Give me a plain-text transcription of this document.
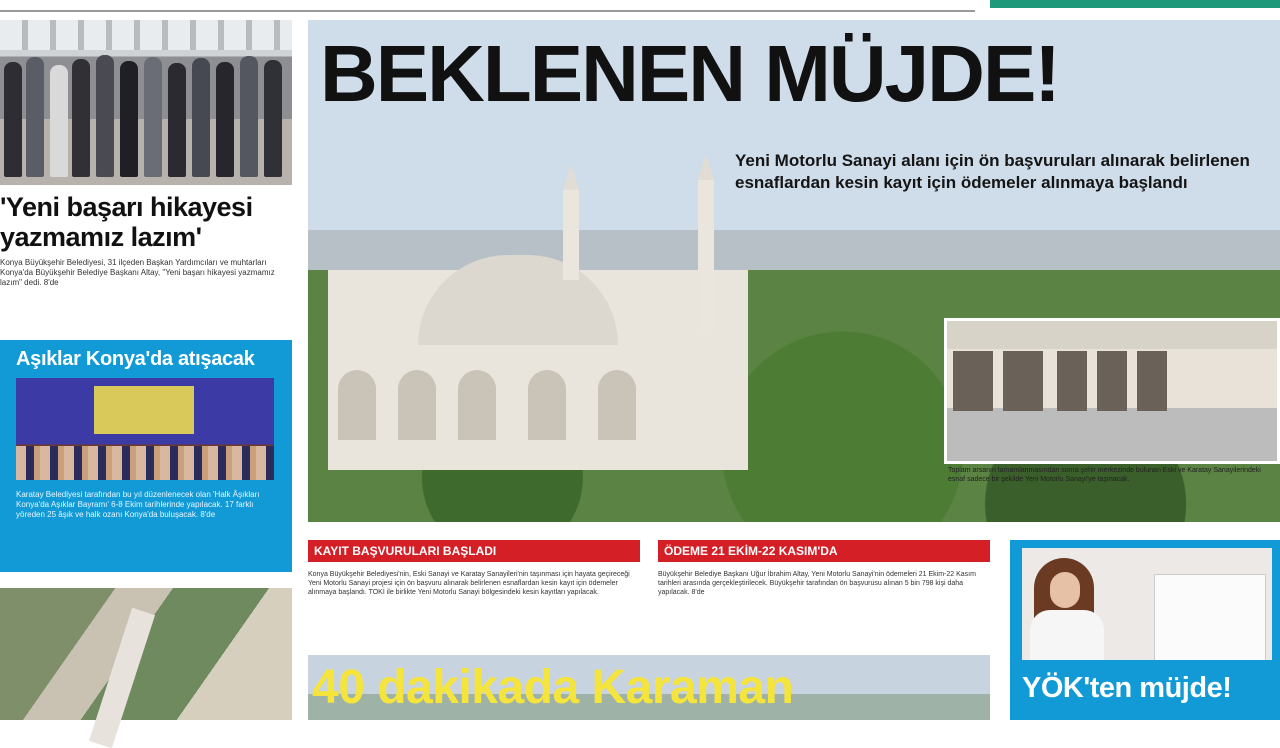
'Yeni başarı hikayesi yazmamız lazım'
Konya Büyükşehir Belediyesi, 31 ilçeden Başkan Yardımcıları ve muhtarları Konya'da Büyükşehir Belediye Başkanı Altay, "Yeni başarı hikayesi yazmamız lazım" dedi. 8'de
Aşıklar Konya'da atışacak
Karatay Belediyesi tarafından bu yıl düzenlenecek olan 'Halk Âşıkları Konya'da Aşıklar Bayramı' 6-8 Ekim tarihlerinde yapılacak. 17 farklı yöreden 25 âşık ve halk ozanı Konya'da buluşacak. 8'de
BEKLENEN MÜJDE!
Yeni Motorlu Sanayi alanı için ön başvuruları alınarak belirlenen esnaflardan kesin kayıt için ödemeler alınmaya başlandı
Toplam arsanın tamamlanmasından sonra şehir merkezinde bulunan Eski ve Karatay Sanayilerindeki esnaf sadece bir şekilde Yeni Motorlu Sanayi'ye taşınacak.
KAYIT BAŞVURULARI BAŞLADI	ÖDEME 21 EKİM-22 KASIM'DA
Konya Büyükşehir Belediyesi'nin, Eski Sanayi ve Karatay Sanayileri'nin taşınması için hayata geçireceği Yeni Motorlu Sanayi projesi için ön başvuru alınarak belirlenen esnaflardan kesin kayıt için ödemeler alınmaya başlandı. TOKİ ile birlikte Yeni Motorlu Sanayi bölgesindeki kesin kayıtları yapılacak.
Büyükşehir Belediye Başkanı Uğur İbrahim Altay, Yeni Motorlu Sanayi'nin ödemeleri 21 Ekim-22 Kasım tarihleri arasında gerçekleştirilecek. Büyükşehir tarafından ön başvurusu alınan 5 bin 798 kişi daha yapılacak. 8'de
40 dakikada Karaman	YÖK'ten müjde!
